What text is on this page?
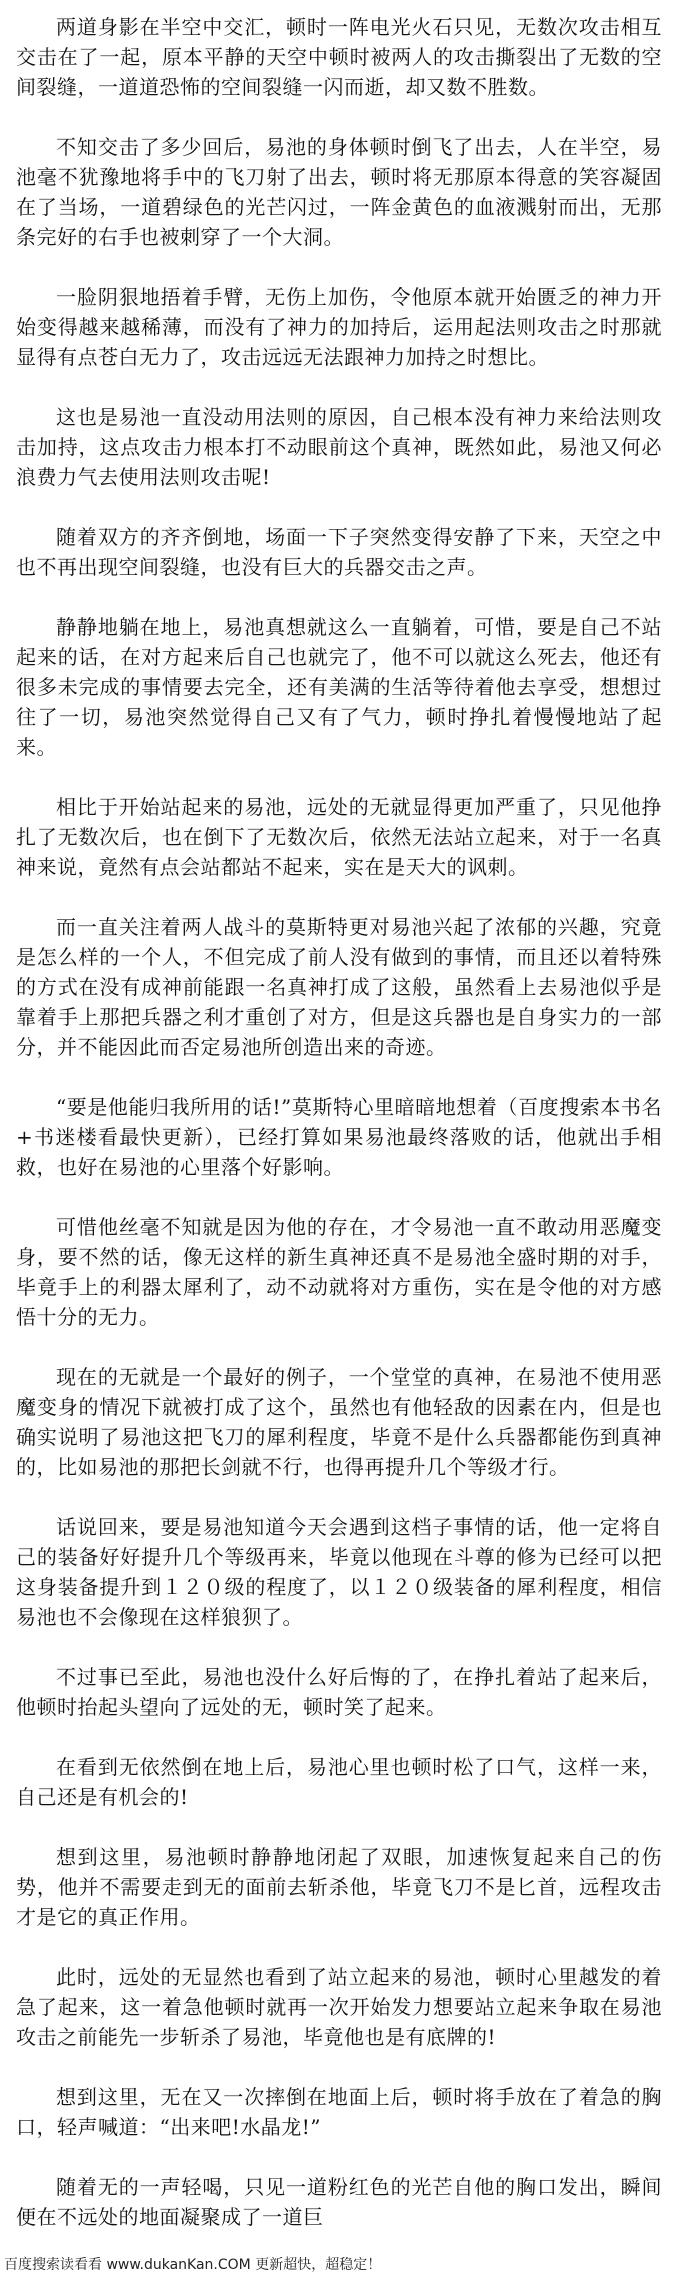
两道身影在半空中交汇，顿时一阵电光火石只见，无数次攻击相互交击在了一起，原本平静的天空中顿时被两人的攻击撕裂出了无数的空间裂缝，一道道恐怖的空间裂缝一闪而逝，却又数不胜数。

不知交击了多少回后，易池的身体顿时倒飞了出去，人在半空，易池毫不犹豫地将手中的飞刀射了出去，顿时将无那原本得意的笑容凝固在了当场，一道碧绿色的光芒闪过，一阵金黄色的血液溅射而出，无那条完好的右手也被刺穿了一个大洞。

一脸阴狠地捂着手臂，无伤上加伤，令他原本就开始匮乏的神力开始变得越来越稀薄，而没有了神力的加持后，运用起法则攻击之时那就显得有点苍白无力了，攻击远远无法跟神力加持之时想比。

这也是易池一直没动用法则的原因，自己根本没有神力来给法则攻击加持，这点攻击力根本打不动眼前这个真神，既然如此，易池又何必浪费力气去使用法则攻击呢!

随着双方的齐齐倒地，场面一下子突然变得安静了下来，天空之中也不再出现空间裂缝，也没有巨大的兵器交击之声。

静静地躺在地上，易池真想就这么一直躺着，可惜，要是自己不站起来的话，在对方起来后自己也就完了，他不可以就这么死去，他还有很多未完成的事情要去完全，还有美满的生活等待着他去享受，想想过往了一切，易池突然觉得自己又有了气力，顿时挣扎着慢慢地站了起来。

相比于开始站起来的易池，远处的无就显得更加严重了，只见他挣扎了无数次后，也在倒下了无数次后，依然无法站立起来，对于一名真神来说，竟然有点会站都站不起来，实在是天大的讽刺。

而一直关注着两人战斗的莫斯特更对易池兴起了浓郁的兴趣，究竟是怎么样的一个人，不但完成了前人没有做到的事情，而且还以着特殊的方式在没有成神前能跟一名真神打成了这般，虽然看上去易池似乎是靠着手上那把兵器之利才重创了对方，但是这兵器也是自身实力的一部分，并不能因此而否定易池所创造出来的奇迹。

“要是他能归我所用的话!”莫斯特心里暗暗地想着（百度搜索本书名+书迷楼看最快更新），已经打算如果易池最终落败的话，他就出手相救，也好在易池的心里落个好影响。

可惜他丝毫不知就是因为他的存在，才令易池一直不敢动用恶魔变身，要不然的话，像无这样的新生真神还真不是易池全盛时期的对手，毕竟手上的利器太犀利了，动不动就将对方重伤，实在是令他的对方感悟十分的无力。

现在的无就是一个最好的例子，一个堂堂的真神，在易池不使用恶魔变身的情况下就被打成了这个，虽然也有他轻敌的因素在内，但是也确实说明了易池这把飞刀的犀利程度，毕竟不是什么兵器都能伤到真神的，比如易池的那把长剑就不行，也得再提升几个等级才行。

话说回来，要是易池知道今天会遇到这档子事情的话，他一定将自己的装备好好提升几个等级再来，毕竟以他现在斗尊的修为已经可以把这身装备提升到１２０级的程度了，以１２０级装备的犀利程度，相信易池也不会像现在这样狼狈了。

不过事已至此，易池也没什么好后悔的了，在挣扎着站了起来后，他顿时抬起头望向了远处的无，顿时笑了起来。

在看到无依然倒在地上后，易池心里也顿时松了口气，这样一来，自己还是有机会的!

想到这里，易池顿时静静地闭起了双眼，加速恢复起来自己的伤势，他并不需要走到无的面前去斩杀他，毕竟飞刀不是匕首，远程攻击才是它的真正作用。

此时，远处的无显然也看到了站立起来的易池，顿时心里越发的着急了起来，这一着急他顿时就再一次开始发力想要站立起来争取在易池攻击之前能先一步斩杀了易池，毕竟他也是有底牌的!

想到这里，无在又一次摔倒在地面上后，顿时将手放在了着急的胸口，轻声喊道：“出来吧!水晶龙!”

随着无的一声轻喝，只见一道粉红色的光芒自他的胸口发出，瞬间便在不远处的地面凝聚成了一道巨

百度搜索读看看 www.dukanKan.COM 更新超快，超稳定！
